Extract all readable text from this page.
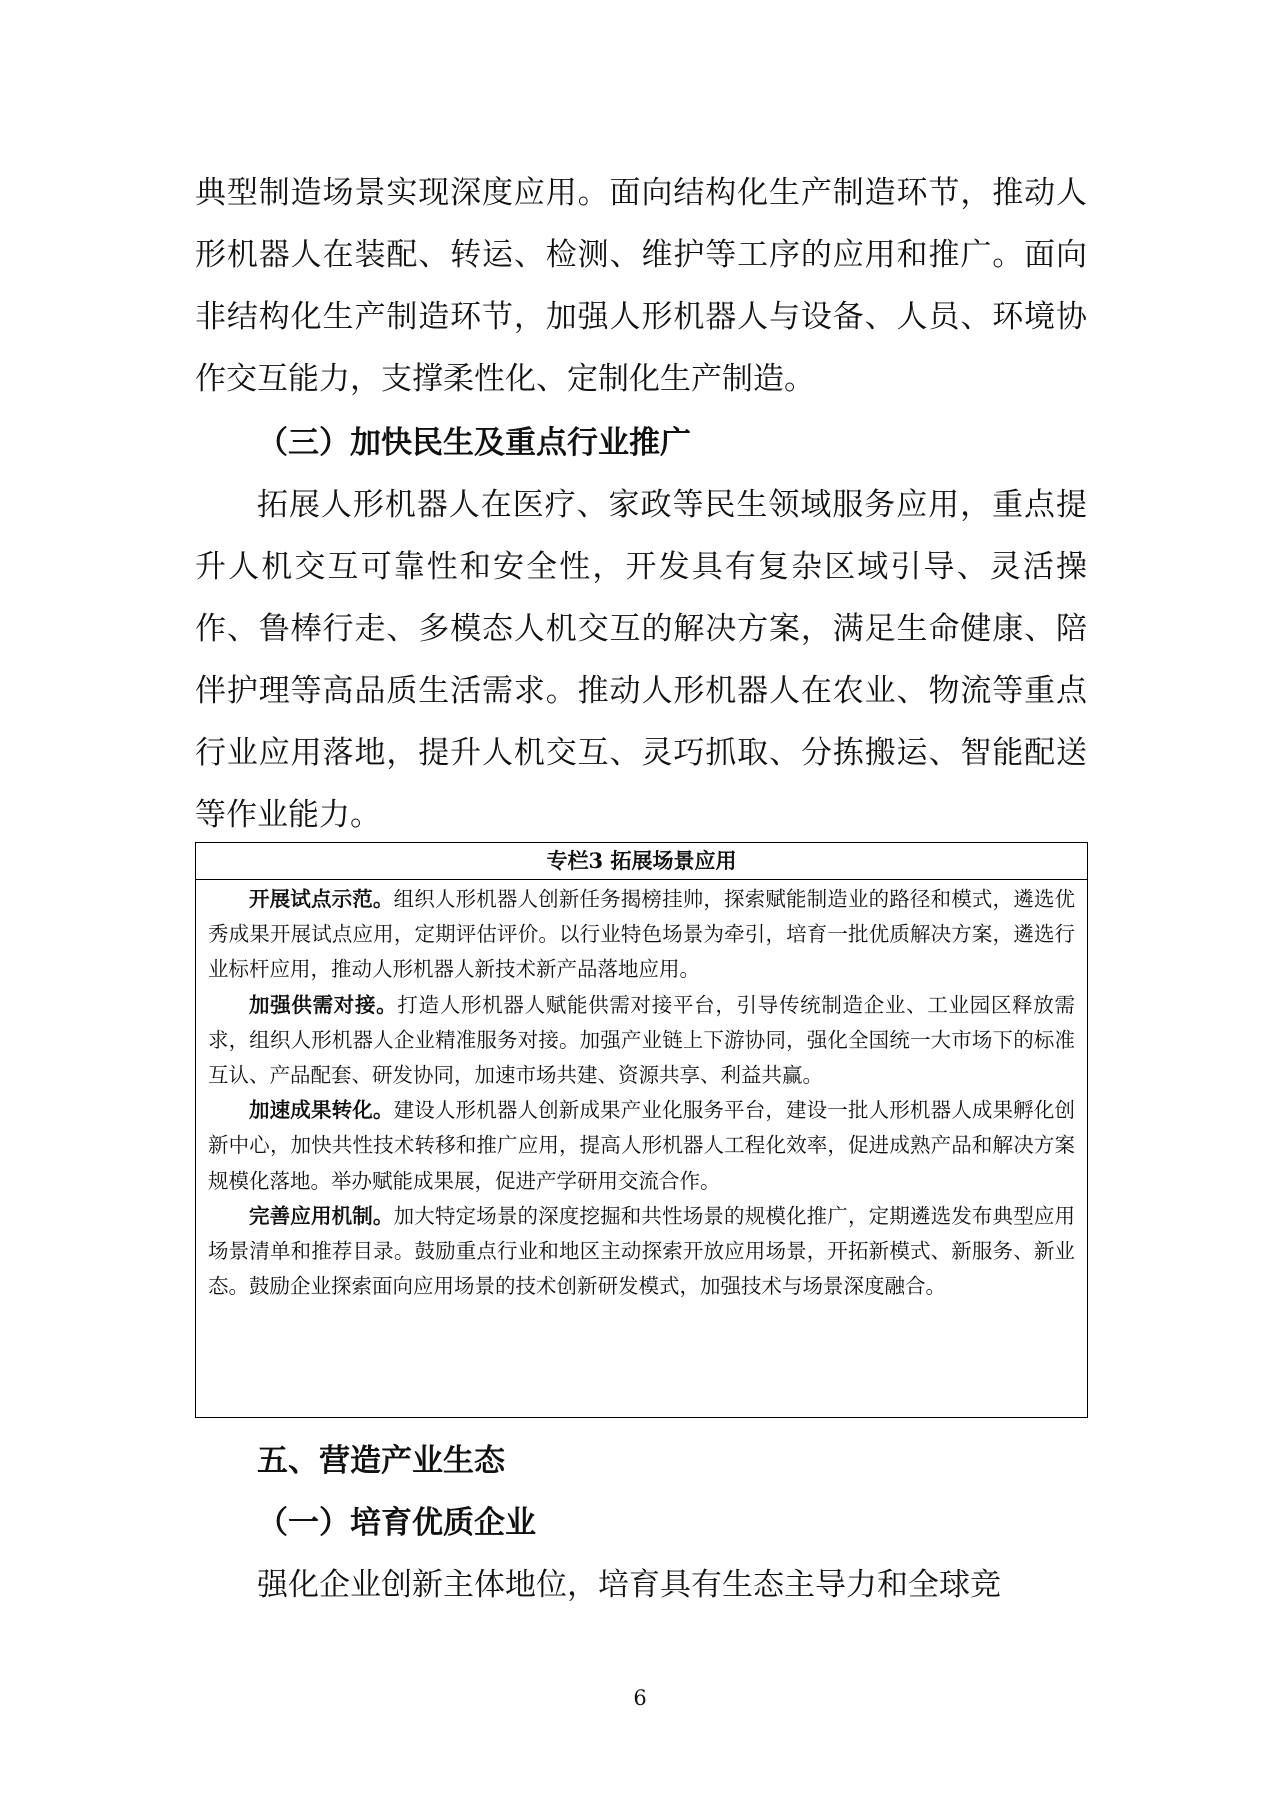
典型制造场景实现深度应用。面向结构化生产制造环节，推动人形机器人在装配、转运、检测、维护等工序的应用和推广。面向非结构化生产制造环节，加强人形机器人与设备、人员、环境协作交互能力，支撑柔性化、定制化生产制造。

（三）加快民生及重点行业推广

拓展人形机器人在医疗、家政等民生领域服务应用，重点提升人机交互可靠性和安全性，开发具有复杂区域引导、灵活操作、鲁棒行走、多模态人机交互的解决方案，满足生命健康、陪伴护理等高品质生活需求。推动人形机器人在农业、物流等重点行业应用落地，提升人机交互、灵巧抓取、分拣搬运、智能配送等作业能力。

专栏3 拓展场景应用

开展试点示范。组织人形机器人创新任务揭榜挂帅，探索赋能制造业的路径和模式，遴选优秀成果开展试点应用，定期评估评价。以行业特色场景为牵引，培育一批优质解决方案，遴选行业标杆应用，推动人形机器人新技术新产品落地应用。

加强供需对接。打造人形机器人赋能供需对接平台，引导传统制造企业、工业园区释放需求，组织人形机器人企业精准服务对接。加强产业链上下游协同，强化全国统一大市场下的标准互认、产品配套、研发协同，加速市场共建、资源共享、利益共赢。

加速成果转化。建设人形机器人创新成果产业化服务平台，建设一批人形机器人成果孵化创新中心，加快共性技术转移和推广应用，提高人形机器人工程化效率，促进成熟产品和解决方案规模化落地。举办赋能成果展，促进产学研用交流合作。

完善应用机制。加大特定场景的深度挖掘和共性场景的规模化推广，定期遴选发布典型应用场景清单和推荐目录。鼓励重点行业和地区主动探索开放应用场景，开拓新模式、新服务、新业态。鼓励企业探索面向应用场景的技术创新研发模式，加强技术与场景深度融合。

五、营造产业生态
（一）培育优质企业

强化企业创新主体地位，培育具有生态主导力和全球竞

6
